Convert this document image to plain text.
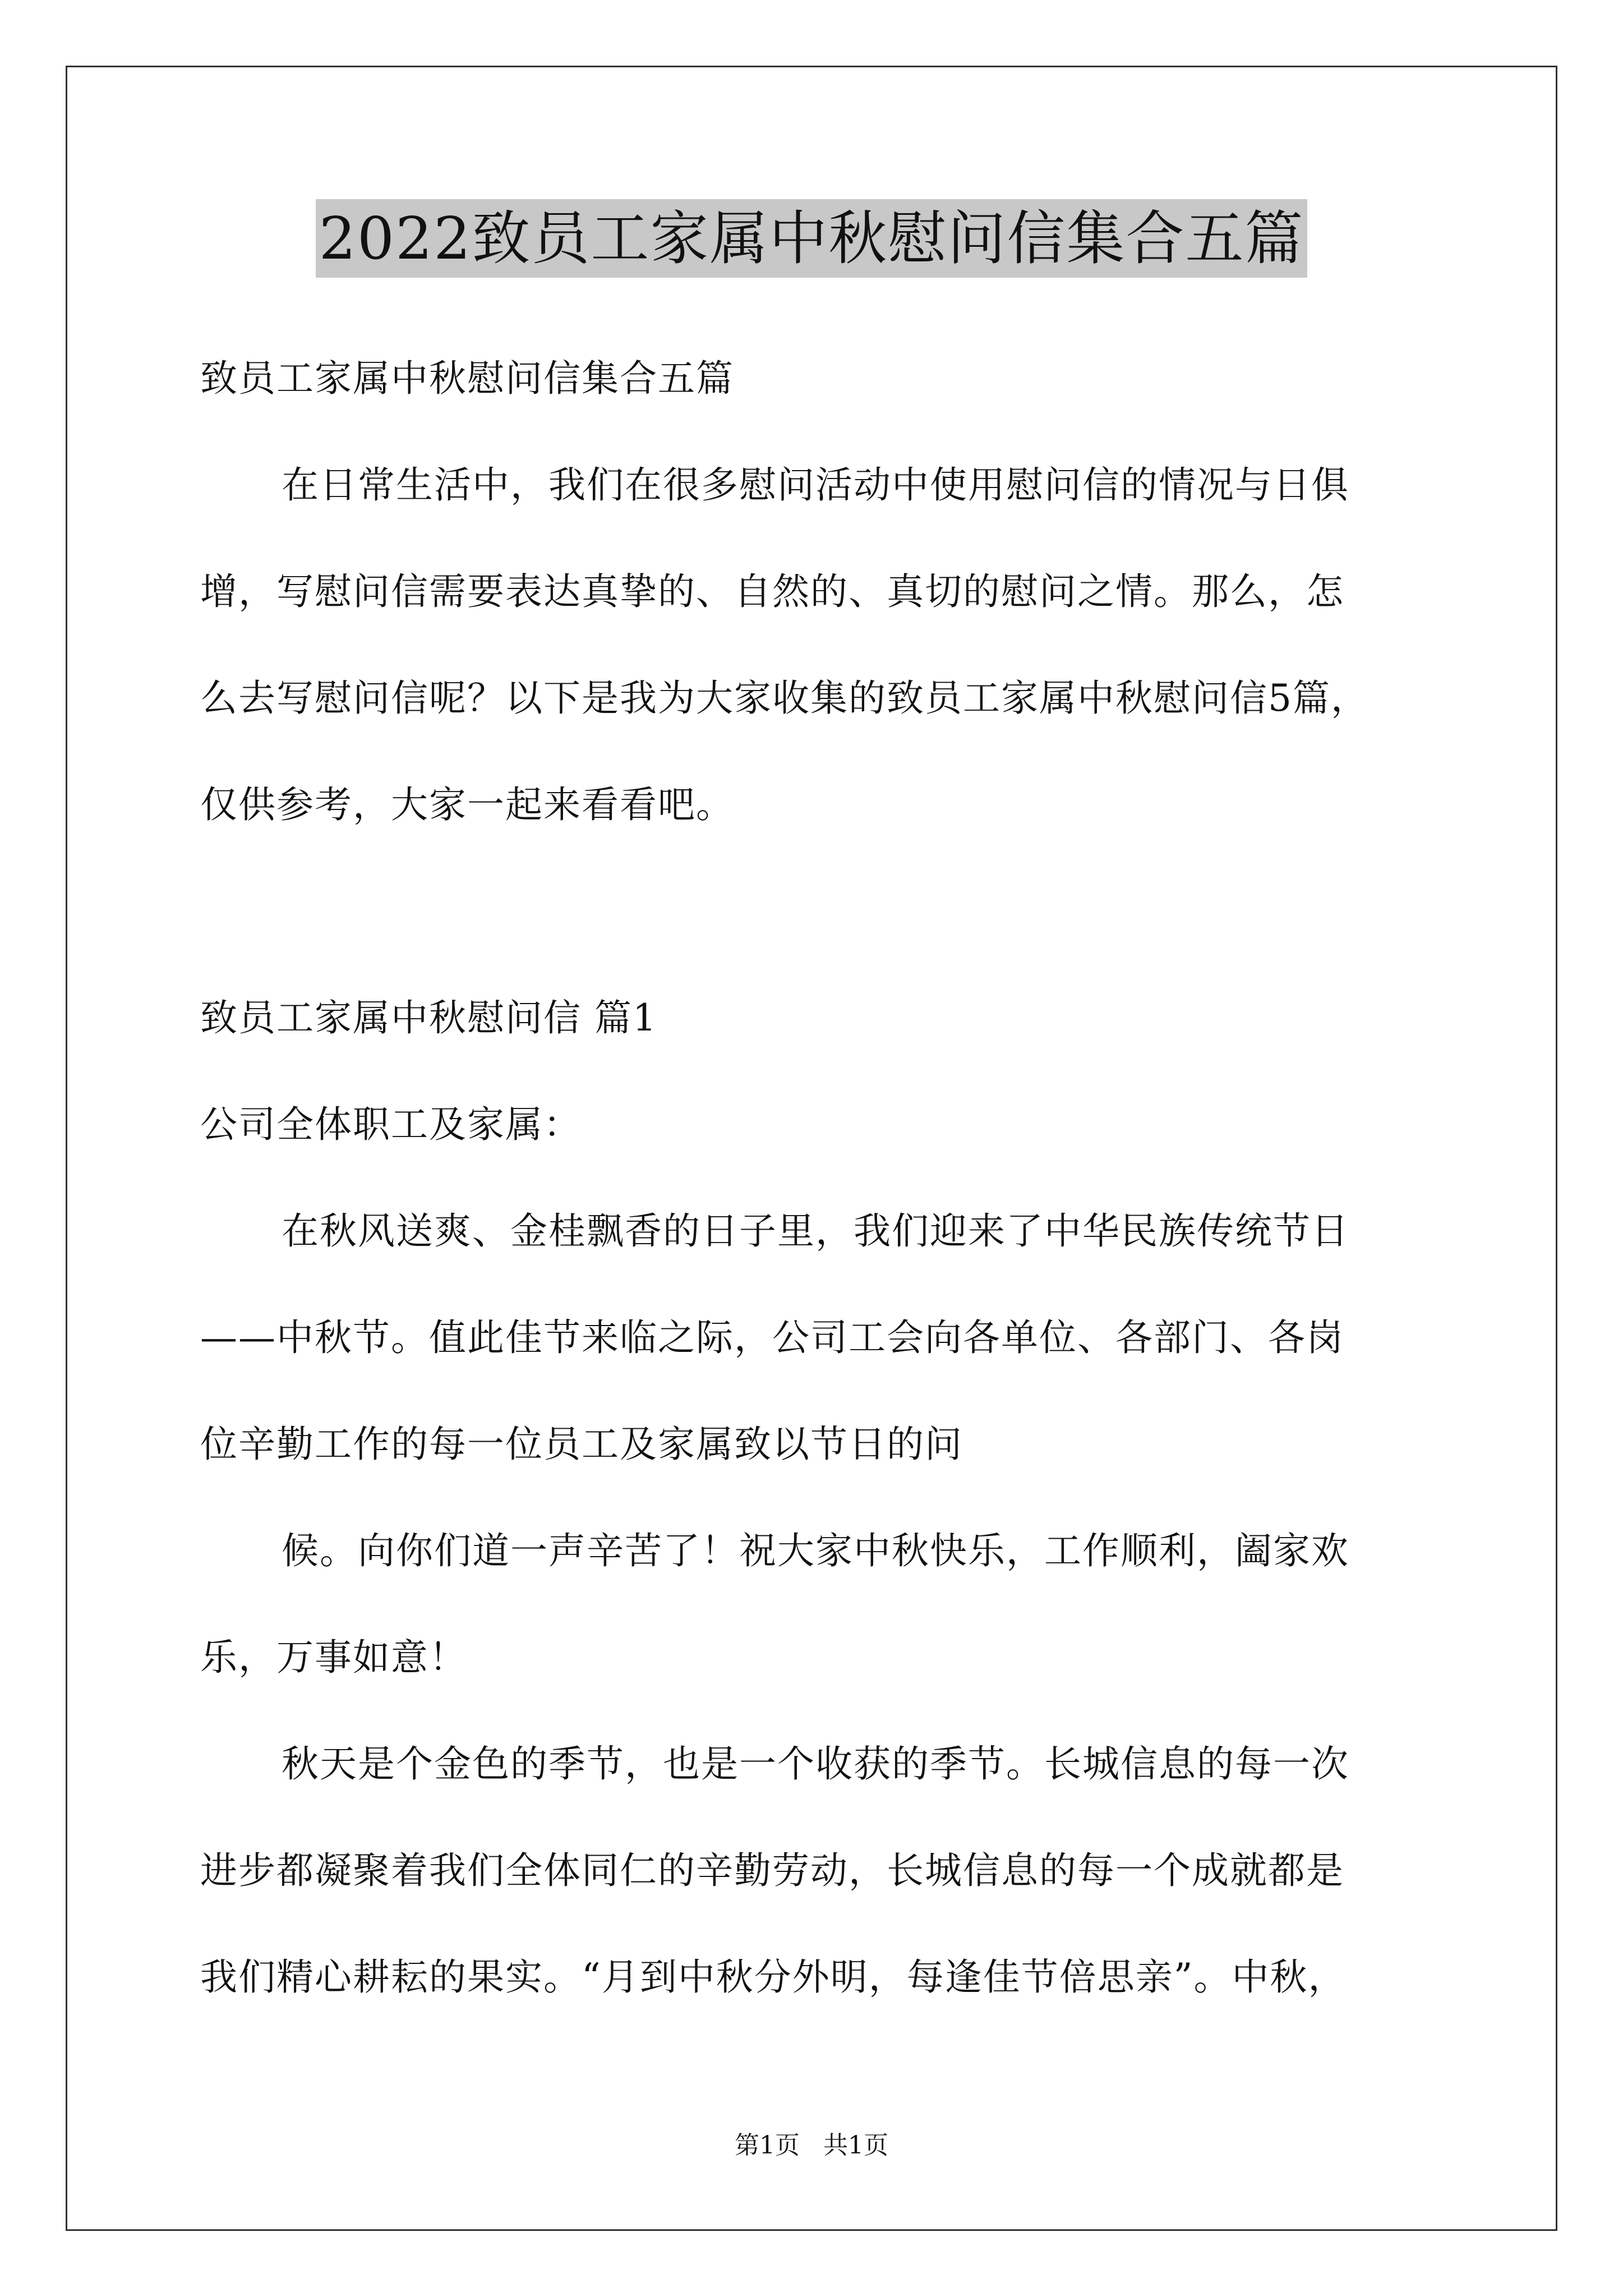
2022致员工家属中秋慰问信集合五篇
致员工家属中秋慰问信集合五篇
在日常生活中，我们在很多慰问活动中使用慰问信的情况与日俱
增，写慰问信需要表达真挚的、自然的、真切的慰问之情。那么，怎
么去写慰问信呢？以下是我为大家收集的致员工家属中秋慰问信5篇，
仅供参考，大家一起来看看吧。
致员工家属中秋慰问信 篇1
公司全体职工及家属：
在秋风送爽、金桂飘香的日子里，我们迎来了中华民族传统节日
——中秋节。值此佳节来临之际，公司工会向各单位、各部门、各岗
位辛勤工作的每一位员工及家属致以节日的问
候。向你们道一声辛苦了！祝大家中秋快乐，工作顺利，阖家欢
乐，万事如意！
秋天是个金色的季节，也是一个收获的季节。长城信息的每一次
进步都凝聚着我们全体同仁的辛勤劳动，长城信息的每一个成就都是
我们精心耕耘的果实。“月到中秋分外明，每逢佳节倍思亲”。中秋，
第1页   共1页
